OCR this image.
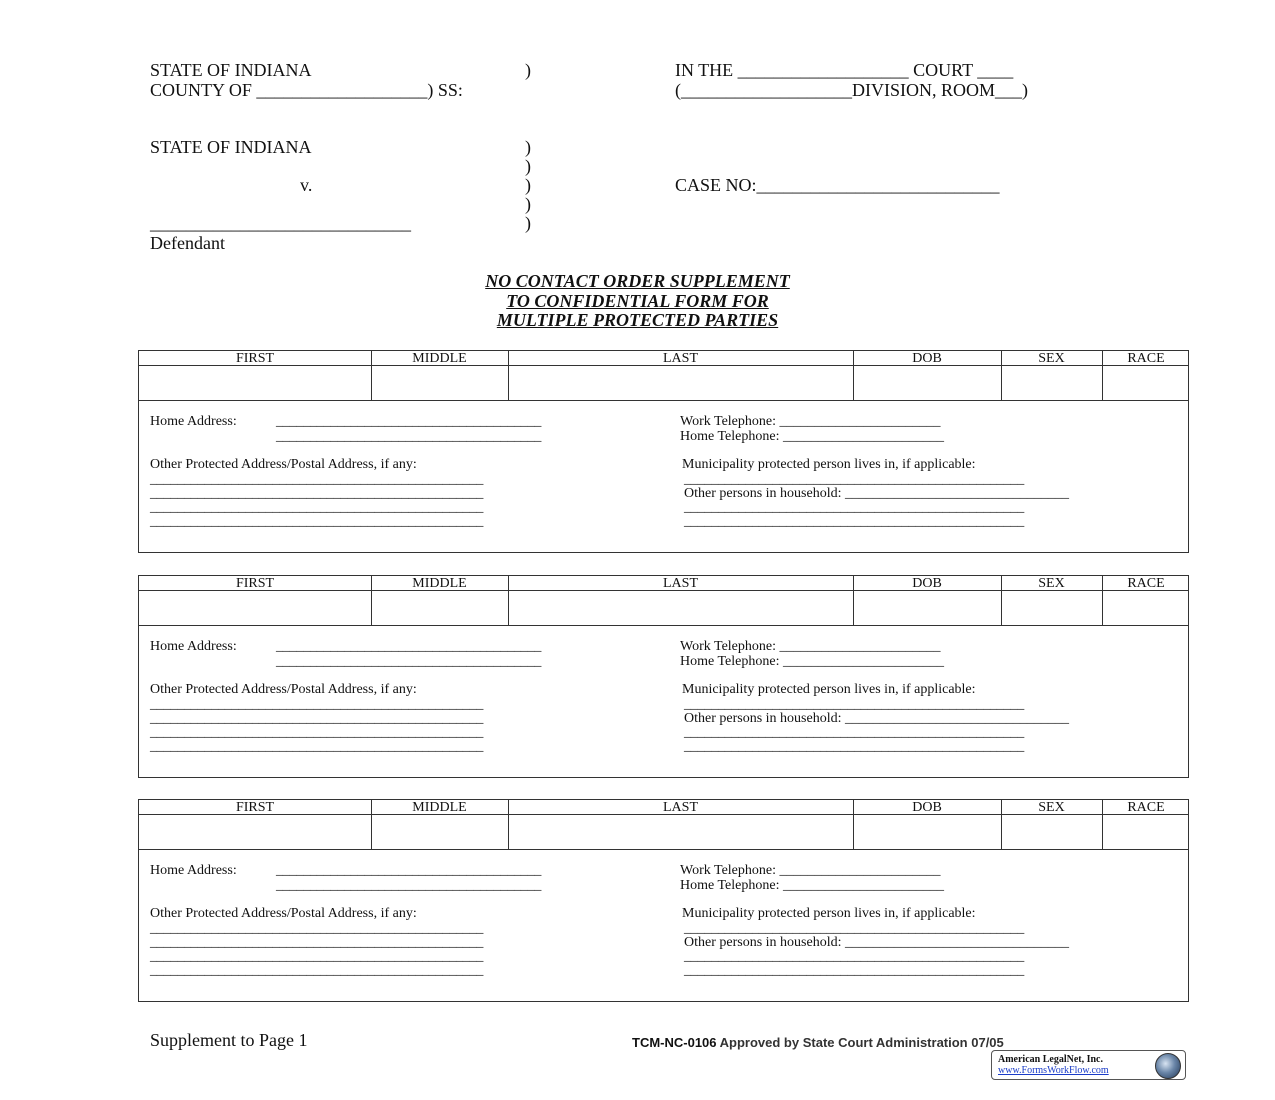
STATE OF INDIANA	)
COUNTY OF ___________________) SS:
IN THE ___________________ COURT ____
(___________________DIVISION, ROOM___)
STATE OF INDIANA	)
)
v.	)	CASE NO:___________________________
)
_____________________________	)
Defendant
NO CONTACT ORDER SUPPLEMENT
TO CONFIDENTIAL FORM FOR
MULTIPLE PROTECTED PARTIES
FIRST	MIDDLE	LAST	DOB	SEX	RACE
Home Address:	_______________________________________
_______________________________________
Work Telephone: _______________________
Home Telephone: _______________________
Other Protected Address/Postal Address, if any:
_________________________________________________
_________________________________________________
_________________________________________________
_________________________________________________
Municipality protected person lives in, if applicable:
__________________________________________________
Other persons in household: ________________________________
__________________________________________________
__________________________________________________
FIRST	MIDDLE	LAST	DOB	SEX	RACE
Home Address:	_______________________________________
_______________________________________
Work Telephone: _______________________
Home Telephone: _______________________
Other Protected Address/Postal Address, if any:
_________________________________________________
_________________________________________________
_________________________________________________
_________________________________________________
Municipality protected person lives in, if applicable:
__________________________________________________
Other persons in household: ________________________________
__________________________________________________
__________________________________________________
FIRST	MIDDLE	LAST	DOB	SEX	RACE
Home Address:	_______________________________________
_______________________________________
Work Telephone: _______________________
Home Telephone: _______________________
Other Protected Address/Postal Address, if any:
_________________________________________________
_________________________________________________
_________________________________________________
_________________________________________________
Municipality protected person lives in, if applicable:
__________________________________________________
Other persons in household: ________________________________
__________________________________________________
__________________________________________________
Supplement to Page 1	TCM-NC-0106 Approved by State Court Administration 07/05
American LegalNet, Inc.
www.FormsWorkFlow.com
